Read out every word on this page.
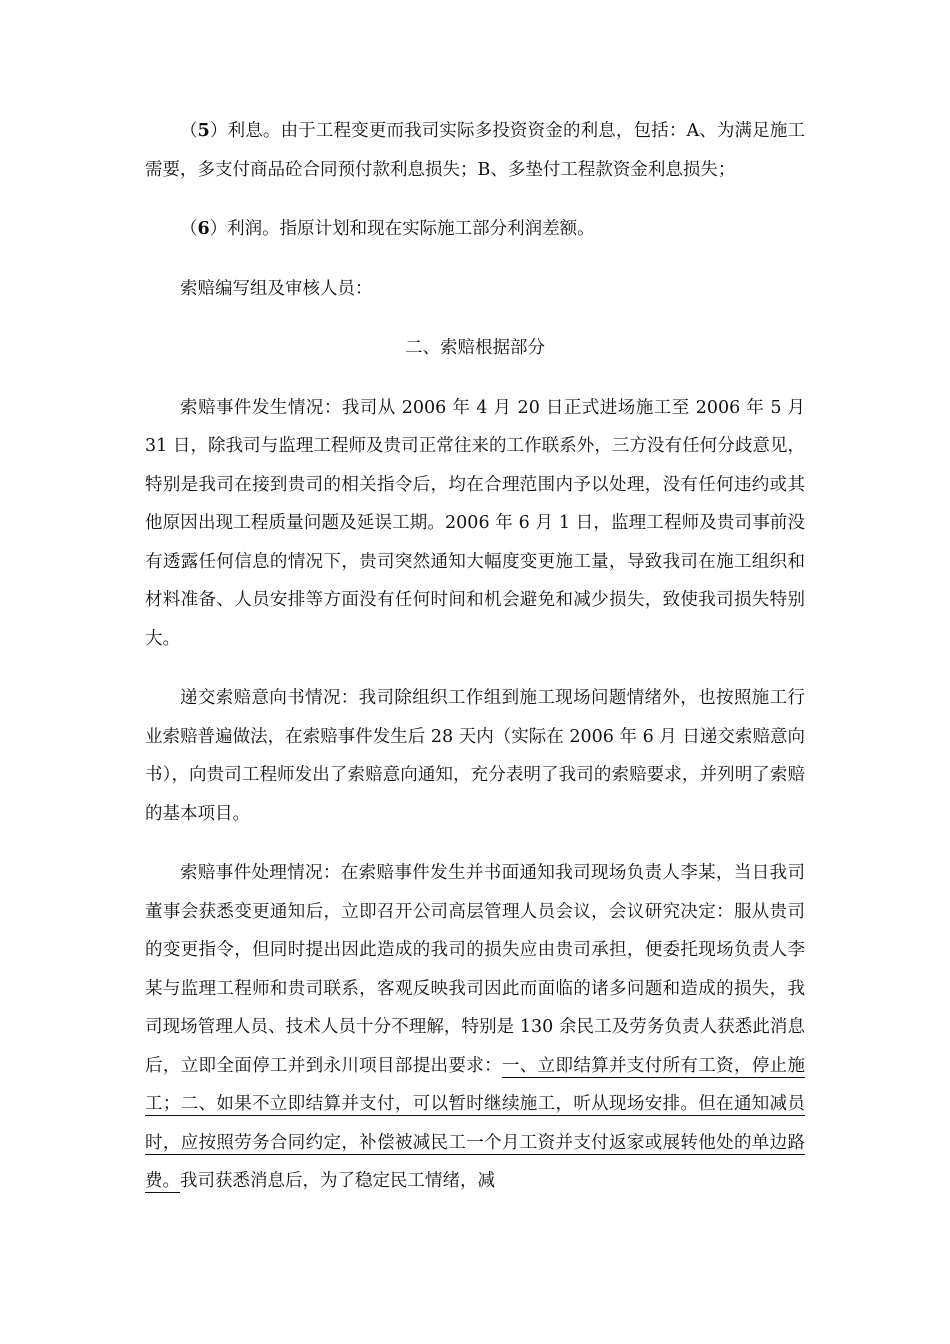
（5）利息。由于工程变更而我司实际多投资资金的利息，包括：A、为满足施工需要，多支付商品砼合同预付款利息损失；B、多垫付工程款资金利息损失；

（6）利润。指原计划和现在实际施工部分利润差额。

索赔编写组及审核人员：

二、索赔根据部分

索赔事件发生情况：我司从 2006 年 4 月 20 日正式进场施工至 2006 年 5 月 31 日，除我司与监理工程师及贵司正常往来的工作联系外，三方没有任何分歧意见，特别是我司在接到贵司的相关指令后，均在合理范围内予以处理，没有任何违约或其他原因出现工程质量问题及延误工期。2006 年 6 月 1 日，监理工程师及贵司事前没有透露任何信息的情况下，贵司突然通知大幅度变更施工量，导致我司在施工组织和材料准备、人员安排等方面没有任何时间和机会避免和减少损失，致使我司损失特别大。

递交索赔意向书情况：我司除组织工作组到施工现场问题情绪外，也按照施工行业索赔普遍做法，在索赔事件发生后 28 天内（实际在 2006 年 6 月 日递交索赔意向书），向贵司工程师发出了索赔意向通知，充分表明了我司的索赔要求，并列明了索赔的基本项目。

索赔事件处理情况：在索赔事件发生并书面通知我司现场负责人李某，当日我司董事会获悉变更通知后，立即召开公司高层管理人员会议，会议研究决定：服从贵司的变更指令，但同时提出因此造成的我司的损失应由贵司承担，便委托现场负责人李某与监理工程师和贵司联系，客观反映我司因此而面临的诸多问题和造成的损失，我司现场管理人员、技术人员十分不理解，特别是 130 余民工及劳务负责人获悉此消息后，立即全面停工并到永川项目部提出要求：一、立即结算并支付所有工资，停止施工；二、如果不立即结算并支付，可以暂时继续施工，听从现场安排。但在通知减员时，应按照劳务合同约定，补偿被减民工一个月工资并支付返家或展转他处的单边路费。我司获悉消息后，为了稳定民工情绪，减
